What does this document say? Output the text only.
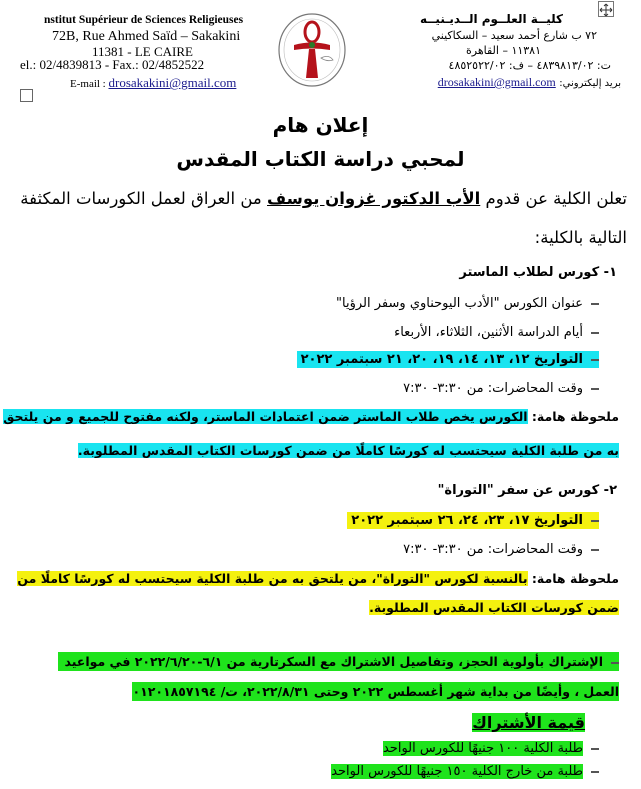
nstitut Supérieur de Sciences Religieuses
72B, Rue Ahmed Saïd – Sakakini
11381 - LE CAIRE
el.: 02/4839813 - Fax.: 02/4852522
E-mail : drosakakini@gmail.com
كليــة العلــوم الــديـنيــه
٧٢ ب شارع أحمد سعيد – السكاكيني
١١٣٨١ – القاهرة
ت: ٤٨٣٩٨١٣/٠٢ – ف: ٤٨٥٢٥٢٢/٠٢
بريد إليكتروني: drosakakini@gmail.com
إعلان هام
لمحبي دراسة الكتاب المقدس
تعلن الكلية عن قدوم الأب الدكتور غزوان يوسف من العراق لعمل الكورسات المكثفة
التالية بالكلية:
١- كورس لطلاب الماستر
عنوان الكورس "الأدب اليوحناوي وسفر الرؤيا"
أيام الدراسة الأثنين، الثلاثاء، الأربعاء
التواريخ ١٢، ١٣، ١٤، ١٩، ٢٠، ٢١ سبتمبر ٢٠٢٢
وقت المحاضرات: من ٣:٣٠- ٧:٣٠
ملحوظة هامة: الكورس يخص طلاب الماستر ضمن اعتمادات الماستر، ولكنه مفتوح للجميع و من يلتحق
به من طلبة الكلية سيحتسب له كورسًا كاملًا من ضمن كورسات الكتاب المقدس المطلوبة.
٢- كورس عن سفر "التوراة"
التواريخ ١٧، ٢٣، ٢٤، ٢٦ سبتمبر ٢٠٢٢
وقت المحاضرات: من ٣:٣٠- ٧:٣٠
ملحوظة هامة: بالنسبة لكورس "التوراة"، من يلتحق به من طلبة الكلية سيحتسب له كورسًا كاملًا من
ضمن كورسات الكتاب المقدس المطلوبة.
الإشتراك بأولوية الحجز، وتفاصيل الاشتراك مع السكرتارية من ٦/١-٢٠٢٢/٦/٢٠ في مواعيد
العمل ، وأيضًا من بداية شهر أغسطس ٢٠٢٢ وحتى ٢٠٢٢/٨/٣١، ت/ ٠١٢٠١٨٥٧١٩٤
قيمة الأشتراك
طلبة الكلية ١٠٠ جنيهًا للكورس الواحد
طلبة من خارج الكلية ١٥٠ جنيهًا للكورس الواحد
